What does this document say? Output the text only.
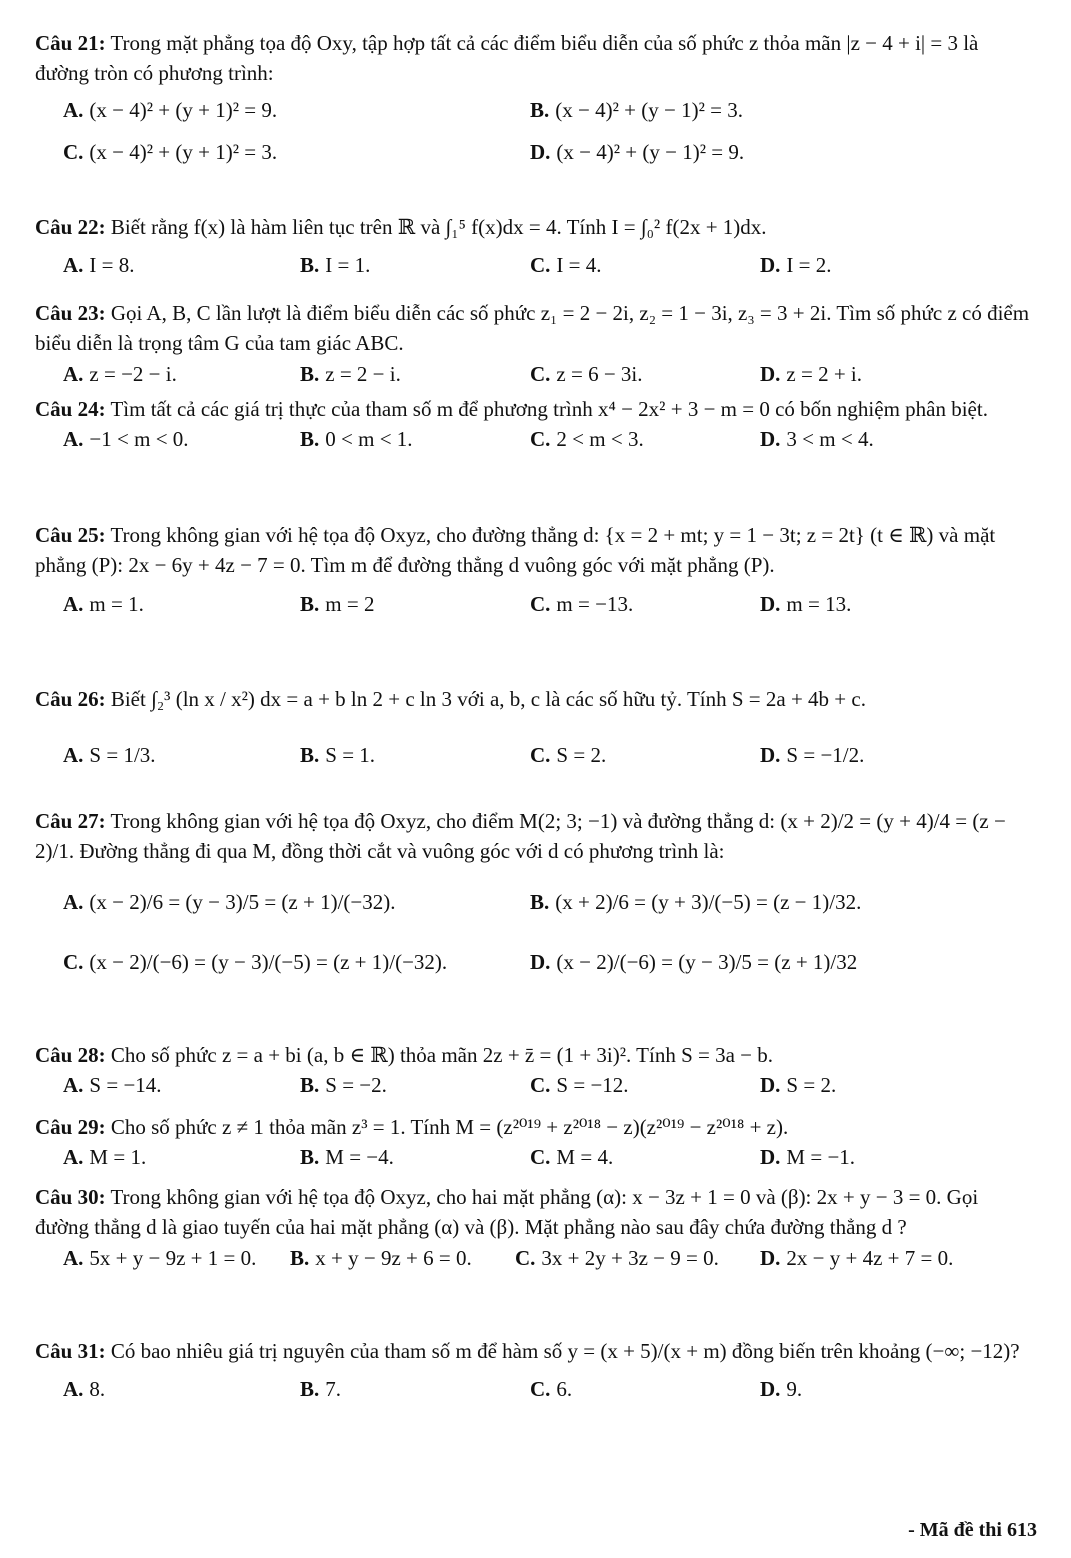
Câu 21: Trong mặt phẳng tọa độ Oxy, tập hợp tất cả các điểm biểu diễn của số phức z thỏa mãn |z − 4 + i| = 3 là đường tròn có phương trình:
A. (x − 4)² + (y + 1)² = 9.	B. (x − 4)² + (y − 1)² = 3.
C. (x − 4)² + (y + 1)² = 3.	D. (x − 4)² + (y − 1)² = 9.
Câu 22: Biết rằng f(x) là hàm liên tục trên ℝ và ∫₁⁵ f(x)dx = 4. Tính I = ∫₀² f(2x + 1)dx.
A. I = 8.	B. I = 1.	C. I = 4.	D. I = 2.
Câu 23: Gọi A, B, C lần lượt là điểm biểu diễn các số phức z₁ = 2 − 2i, z₂ = 1 − 3i, z₃ = 3 + 2i. Tìm số phức z có điểm biểu diễn là trọng tâm G của tam giác ABC.
A. z = −2 − i.	B. z = 2 − i.	C. z = 6 − 3i.	D. z = 2 + i.
Câu 24: Tìm tất cả các giá trị thực của tham số m để phương trình x⁴ − 2x² + 3 − m = 0 có bốn nghiệm phân biệt.
A. −1 < m < 0.	B. 0 < m < 1.	C. 2 < m < 3.	D. 3 < m < 4.
Câu 25: Trong không gian với hệ tọa độ Oxyz, cho đường thẳng d: {x = 2 + mt; y = 1 − 3t; z = 2t} (t ∈ ℝ) và mặt phẳng (P): 2x − 6y + 4z − 7 = 0. Tìm m để đường thẳng d vuông góc với mặt phẳng (P).
A. m = 1.	B. m = 2	C. m = −13.	D. m = 13.
Câu 26: Biết ∫₂³ (ln x / x²) dx = a + b ln 2 + c ln 3 với a, b, c là các số hữu tỷ. Tính S = 2a + 4b + c.
A. S = 1/3.	B. S = 1.	C. S = 2.	D. S = −1/2.
Câu 27: Trong không gian với hệ tọa độ Oxyz, cho điểm M(2; 3; −1) và đường thẳng d: (x + 2)/2 = (y + 4)/4 = (z − 2)/1. Đường thẳng đi qua M, đồng thời cắt và vuông góc với d có phương trình là:
A. (x − 2)/6 = (y − 3)/5 = (z + 1)/(−32).	B. (x + 2)/6 = (y + 3)/(−5) = (z − 1)/32.
C. (x − 2)/(−6) = (y − 3)/(−5) = (z + 1)/(−32).	D. (x − 2)/(−6) = (y − 3)/5 = (z + 1)/32
Câu 28: Cho số phức z = a + bi (a, b ∈ ℝ) thỏa mãn 2z + z̄ = (1 + 3i)². Tính S = 3a − b.
A. S = −14.	B. S = −2.	C. S = −12.	D. S = 2.
Câu 29: Cho số phức z ≠ 1 thỏa mãn z³ = 1. Tính M = (z²⁰¹⁹ + z²⁰¹⁸ − z)(z²⁰¹⁹ − z²⁰¹⁸ + z).
A. M = 1.	B. M = −4.	C. M = 4.	D. M = −1.
Câu 30: Trong không gian với hệ tọa độ Oxyz, cho hai mặt phẳng (α): x − 3z + 1 = 0 và (β): 2x + y − 3 = 0. Gọi đường thẳng d là giao tuyến của hai mặt phẳng (α) và (β). Mặt phẳng nào sau đây chứa đường thẳng d ?
A. 5x + y − 9z + 1 = 0. B. x + y − 9z + 6 = 0. C. 3x + 2y + 3z − 9 = 0. D. 2x − y + 4z + 7 = 0.
Câu 31: Có bao nhiêu giá trị nguyên của tham số m để hàm số y = (x + 5)/(x + m) đồng biến trên khoảng (−∞; −12)?
A. 8.	B. 7.	C. 6.	D. 9.
- Mã đề thi 613
